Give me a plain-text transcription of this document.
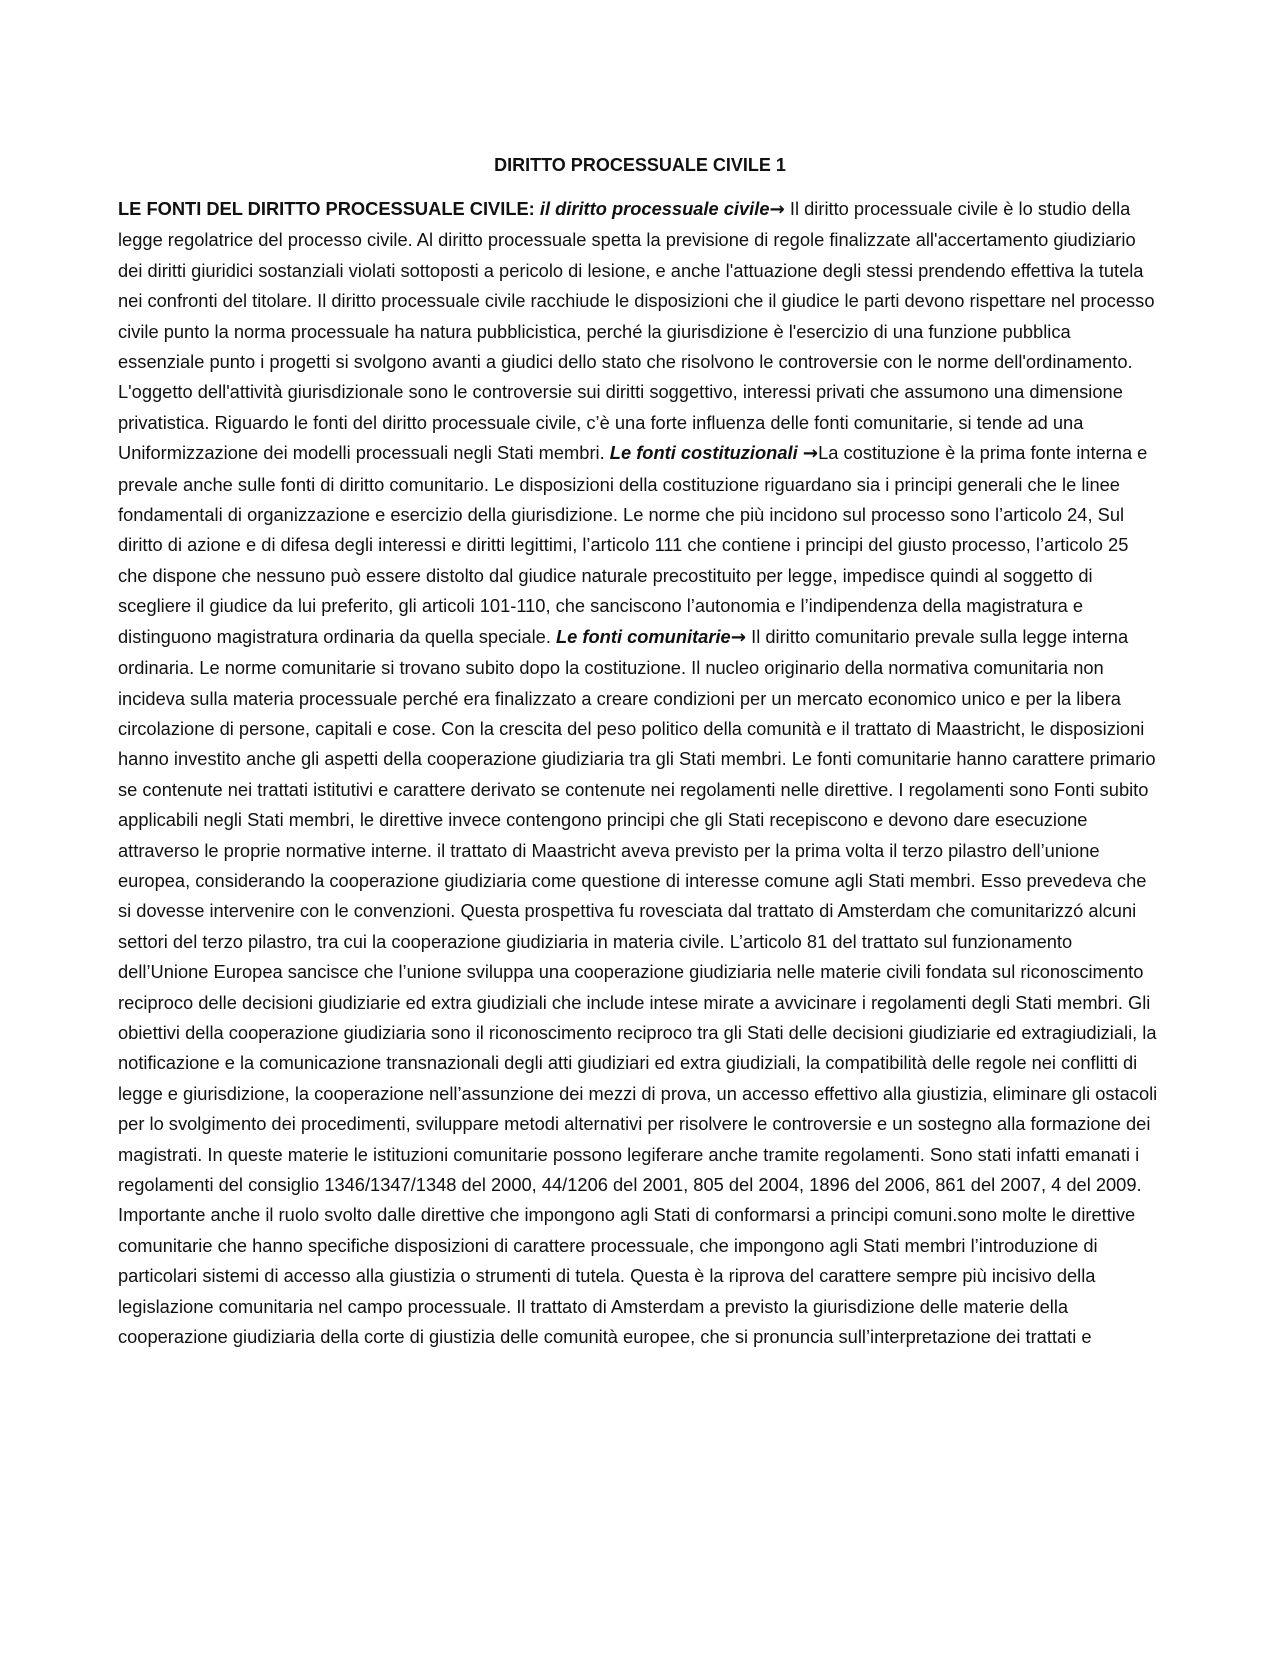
DIRITTO PROCESSUALE CIVILE 1

LE FONTI DEL DIRITTO PROCESSUALE CIVILE: il diritto processuale civile→ Il diritto processuale civile è lo studio della legge regolatrice del processo civile. Al diritto processuale spetta la previsione di regole finalizzate all'accertamento giudiziario dei diritti giuridici sostanziali violati sottoposti a pericolo di lesione, e anche l'attuazione degli stessi prendendo effettiva la tutela nei confronti del titolare. Il diritto processuale civile racchiude le disposizioni che il giudice le parti devono rispettare nel processo civile punto la norma processuale ha natura pubblicistica, perché la giurisdizione è l'esercizio di una funzione pubblica essenziale punto i progetti si svolgono avanti a giudici dello stato che risolvono le controversie con le norme dell'ordinamento. L'oggetto dell'attività giurisdizionale sono le controversie sui diritti soggettivo, interessi privati che assumono una dimensione privatistica. Riguardo le fonti del diritto processuale civile, c’è una forte influenza delle fonti comunitarie, si tende ad una Uniformizzazione dei modelli processuali negli Stati membri. Le fonti costituzionali →La costituzione è la prima fonte interna e prevale anche sulle fonti di diritto comunitario. Le disposizioni della costituzione riguardano sia i principi generali che le linee fondamentali di organizzazione e esercizio della giurisdizione. Le norme che più incidono sul processo sono l’articolo 24, Sul diritto di azione e di difesa degli interessi e diritti legittimi, l’articolo 111 che contiene i principi del giusto processo, l’articolo 25 che dispone che nessuno può essere distolto dal giudice naturale precostituito per legge, impedisce quindi al soggetto di scegliere il giudice da lui preferito, gli articoli 101-110, che sanciscono l’autonomia e l’indipendenza della magistratura e distinguono magistratura ordinaria da quella speciale. Le fonti comunitarie→ Il diritto comunitario prevale sulla legge interna ordinaria. Le norme comunitarie si trovano subito dopo la costituzione. Il nucleo originario della normativa comunitaria non incideva sulla materia processuale perché era finalizzato a creare condizioni per un mercato economico unico e per la libera circolazione di persone, capitali e cose. Con la crescita del peso politico della comunità e il trattato di Maastricht, le disposizioni hanno investito anche gli aspetti della cooperazione giudiziaria tra gli Stati membri. Le fonti comunitarie hanno carattere primario se contenute nei trattati istitutivi e carattere derivato se contenute nei regolamenti nelle direttive. I regolamenti sono Fonti subito applicabili negli Stati membri, le direttive invece contengono principi che gli Stati recepiscono e devono dare esecuzione attraverso le proprie normative interne. il trattato di Maastricht aveva previsto per la prima volta il terzo pilastro dell’unione europea, considerando la cooperazione giudiziaria come questione di interesse comune agli Stati membri. Esso prevedeva che si dovesse intervenire con le convenzioni. Questa prospettiva fu rovesciata dal trattato di Amsterdam che comunitarizzó alcuni settori del terzo pilastro, tra cui la cooperazione giudiziaria in materia civile. L’articolo 81 del trattato sul funzionamento dell’Unione Europea sancisce che l’unione sviluppa una cooperazione giudiziaria nelle materie civili fondata sul riconoscimento reciproco delle decisioni giudiziarie ed extra giudiziali che include intese mirate a avvicinare i regolamenti degli Stati membri. Gli obiettivi della cooperazione giudiziaria sono il riconoscimento reciproco tra gli Stati delle decisioni giudiziarie ed extragiudiziali, la notificazione e la comunicazione transnazionali degli atti giudiziari ed extra giudiziali, la compatibilità delle regole nei conflitti di legge e giurisdizione, la cooperazione nell’assunzione dei mezzi di prova, un accesso effettivo alla giustizia, eliminare gli ostacoli per lo svolgimento dei procedimenti, sviluppare metodi alternativi per risolvere le controversie e un sostegno alla formazione dei magistrati. In queste materie le istituzioni comunitarie possono legiferare anche tramite regolamenti. Sono stati infatti emanati i regolamenti del consiglio 1346/1347/1348 del 2000, 44/1206 del 2001, 805 del 2004, 1896 del 2006, 861 del 2007, 4 del 2009. Importante anche il ruolo svolto dalle direttive che impongono agli Stati di conformarsi a principi comuni.sono molte le direttive comunitarie che hanno specifiche disposizioni di carattere processuale, che impongono agli Stati membri l’introduzione di particolari sistemi di accesso alla giustizia o strumenti di tutela. Questa è la riprova del carattere sempre più incisivo della legislazione comunitaria nel campo processuale. Il trattato di Amsterdam a previsto la giurisdizione delle materie della cooperazione giudiziaria della corte di giustizia delle comunità europee, che si pronuncia sull’interpretazione dei trattati e
